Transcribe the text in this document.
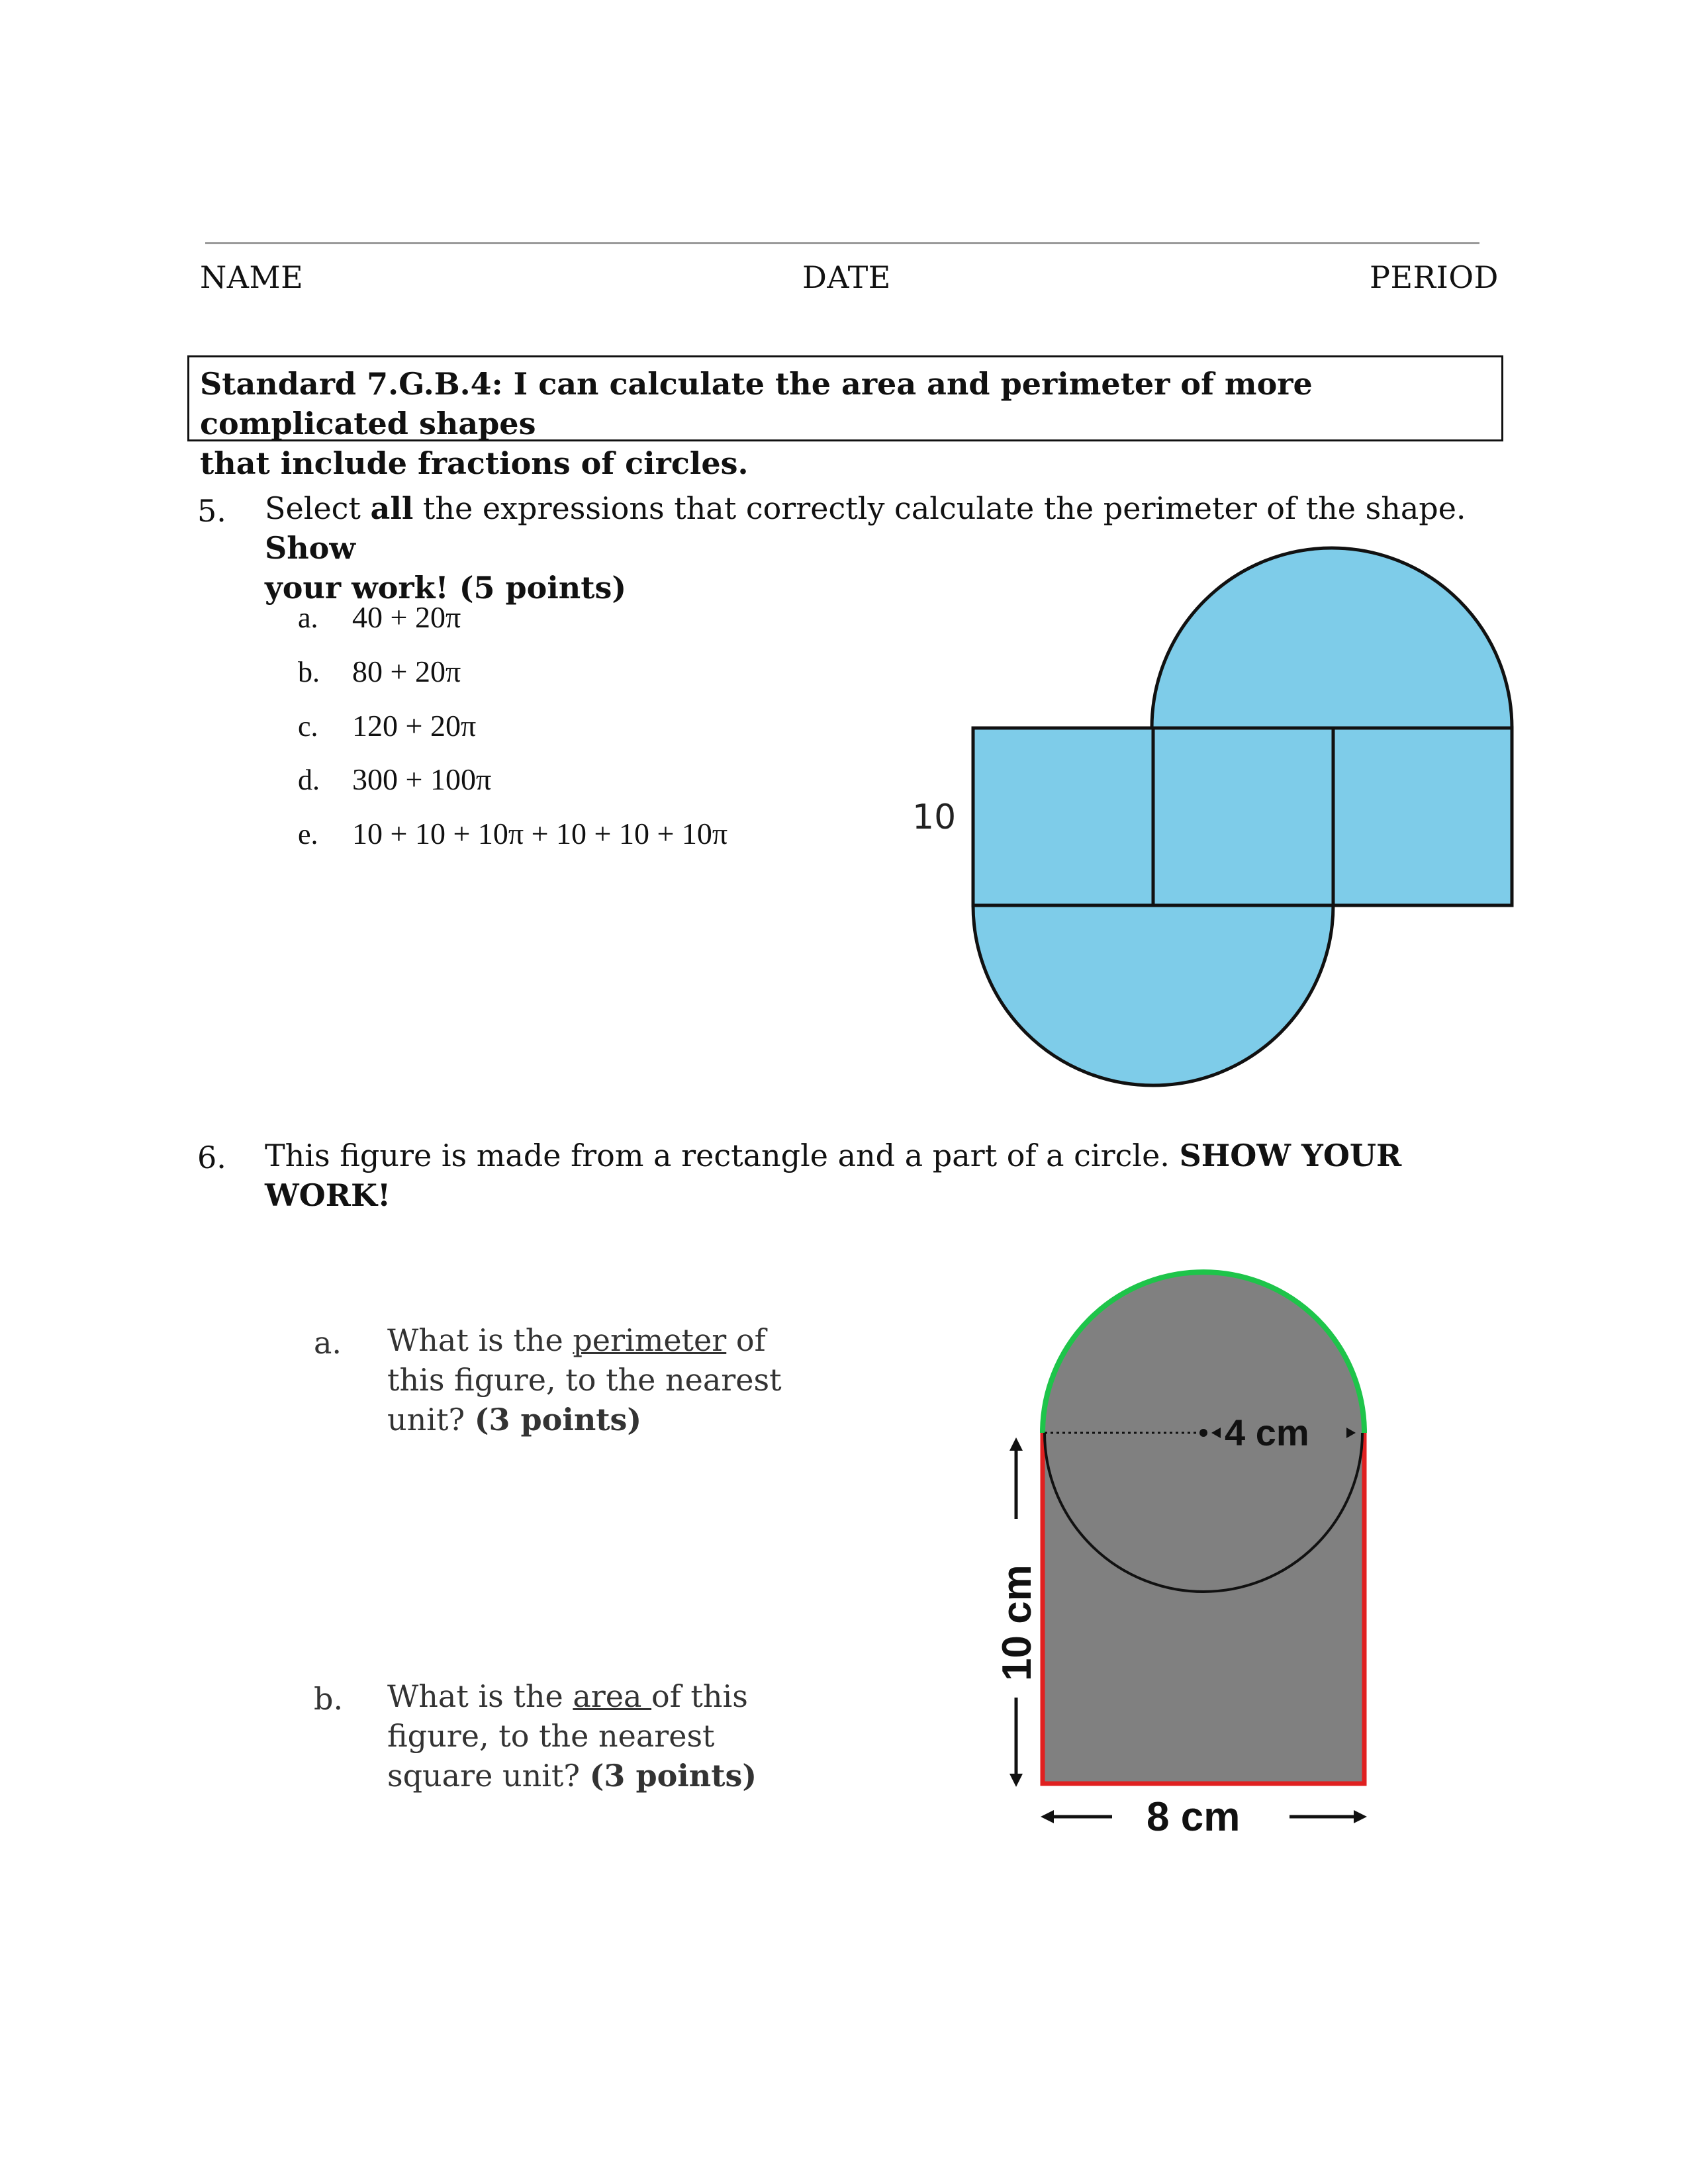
NAME	DATE	PERIOD
Standard 7.G.B.4: I can calculate the area and perimeter of more complicated shapes
that include fractions of circles.
5. Select all the expressions that correctly calculate the perimeter of the shape. Show
your work! (5 points)
a. 40 + 20π
b. 80 + 20π
c. 120 + 20π
d. 300 + 100π
e. 10 + 10 + 10π + 10 + 10 + 10π	10
6. This figure is made from a rectangle and a part of a circle. SHOW YOUR WORK!
a. What is the perimeter of
this figure, to the nearest
unit? (3 points)
b. What is the area of this
figure, to the nearest
square unit? (3 points)
4 cm
10 cm
8 cm
